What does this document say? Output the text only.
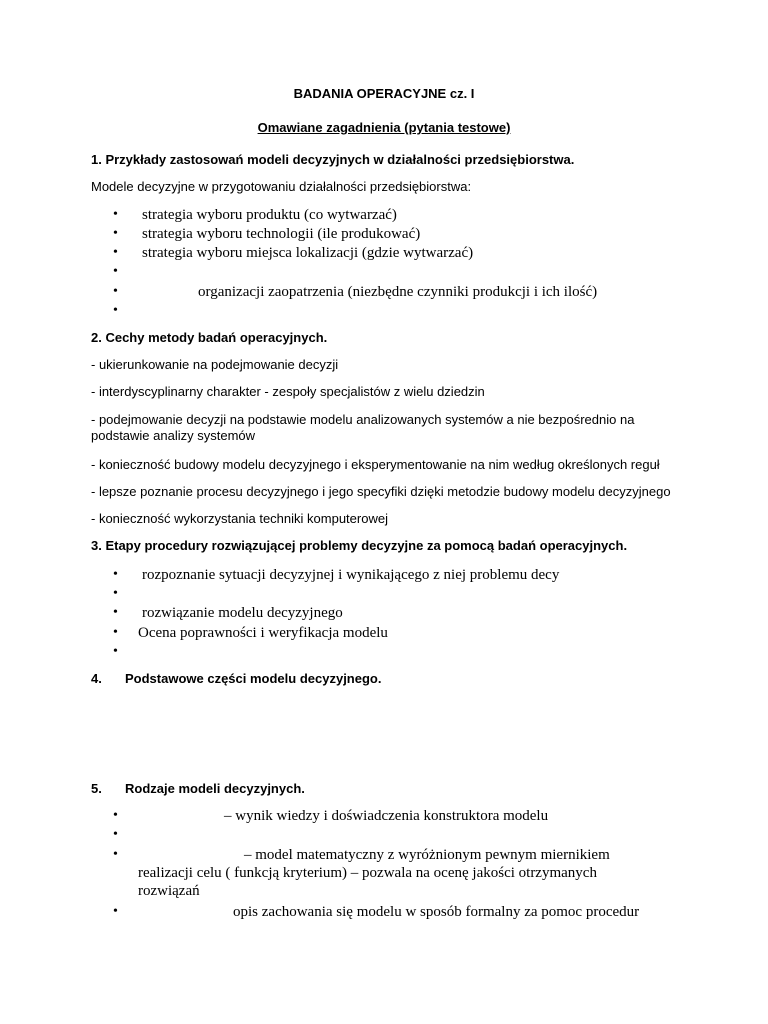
BADANIA OPERACYJNE cz. I
Omawiane zagadnienia (pytania testowe)
1. Przykłady zastosowań modeli decyzyjnych w działalności przedsiębiorstwa.
Modele decyzyjne w przygotowaniu działalności przedsiębiorstwa:
• strategia wyboru produktu (co wytwarzać)
• strategia wyboru technologii (ile produkować)
• strategia wyboru miejsca lokalizacji (gdzie wytwarzać)
•
•	organizacji zaopatrzenia (niezbędne czynniki produkcji i ich ilość)
•
2. Cechy metody badań operacyjnych.
- ukierunkowanie na podejmowanie decyzji
- interdyscyplinarny charakter - zespoły specjalistów z wielu dziedzin
- podejmowanie decyzji na podstawie modelu analizowanych systemów a nie bezpośrednio na podstawie analizy systemów
- konieczność budowy modelu decyzyjnego i eksperymentowanie na nim według określonych reguł
- lepsze poznanie procesu decyzyjnego i jego specyfiki dzięki metodzie budowy modelu decyzyjnego
- konieczność wykorzystania techniki komputerowej
3. Etapy procedury rozwiązującej problemy decyzyjne za pomocą badań operacyjnych.
• rozpoznanie sytuacji decyzyjnej i wynikającego z niej problemu decy
•
• rozwiązanie modelu decyzyjnego
• Ocena poprawności i weryfikacja modelu
•
4. Podstawowe części modelu decyzyjnego.
5. Rodzaje modeli decyzyjnych.
•	– wynik wiedzy i doświadczenia konstruktora modelu
•
•	– model matematyczny z wyróżnionym pewnym miernikiem realizacji celu ( funkcją kryterium) – pozwala na ocenę jakości otrzymanych rozwiązań
•	opis zachowania się modelu w sposób formalny za pomoc procedur
